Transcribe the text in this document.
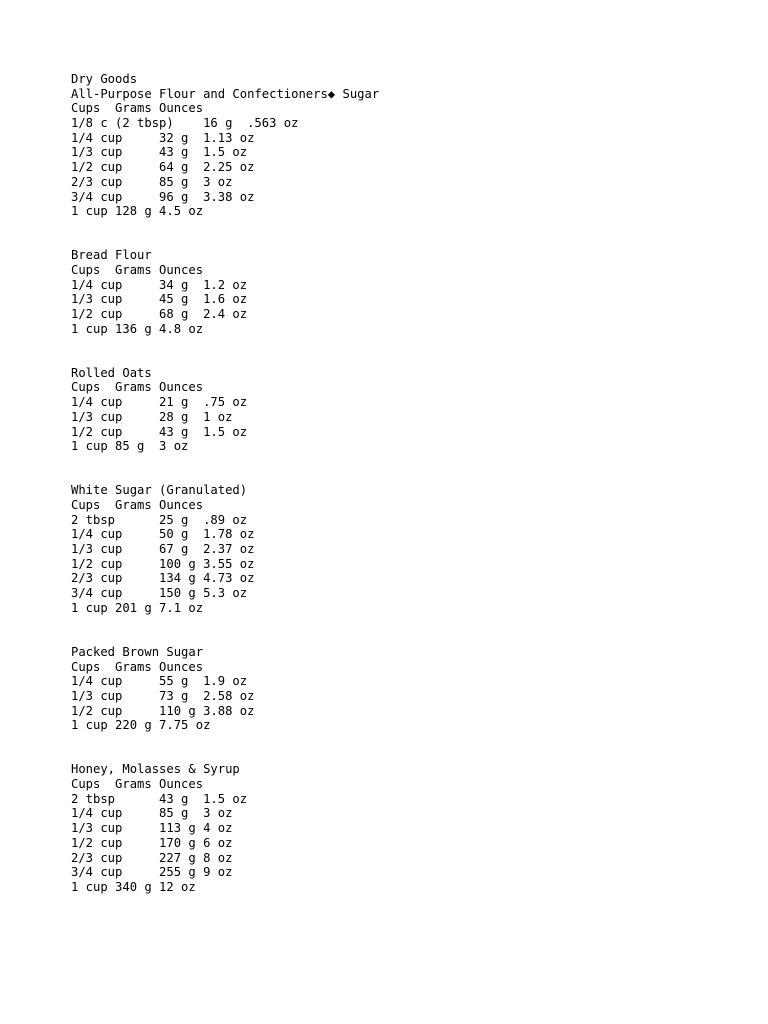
Dry Goods
All-Purpose Flour and Confectioners◆ Sugar
Cups  Grams Ounces
1/8 c (2 tbsp)    16 g  .563 oz
1/4 cup     32 g  1.13 oz
1/3 cup     43 g  1.5 oz
1/2 cup     64 g  2.25 oz
2/3 cup     85 g  3 oz
3/4 cup     96 g  3.38 oz
1 cup 128 g 4.5 oz
Bread Flour
Cups  Grams Ounces
1/4 cup     34 g  1.2 oz
1/3 cup     45 g  1.6 oz
1/2 cup     68 g  2.4 oz
1 cup 136 g 4.8 oz
Rolled Oats
Cups  Grams Ounces
1/4 cup     21 g  .75 oz
1/3 cup     28 g  1 oz
1/2 cup     43 g  1.5 oz
1 cup 85 g  3 oz
White Sugar (Granulated)
Cups  Grams Ounces
2 tbsp      25 g  .89 oz
1/4 cup     50 g  1.78 oz
1/3 cup     67 g  2.37 oz
1/2 cup     100 g 3.55 oz
2/3 cup     134 g 4.73 oz
3/4 cup     150 g 5.3 oz
1 cup 201 g 7.1 oz
Packed Brown Sugar
Cups  Grams Ounces
1/4 cup     55 g  1.9 oz
1/3 cup     73 g  2.58 oz
1/2 cup     110 g 3.88 oz
1 cup 220 g 7.75 oz
Honey, Molasses & Syrup
Cups  Grams Ounces
2 tbsp      43 g  1.5 oz
1/4 cup     85 g  3 oz
1/3 cup     113 g 4 oz
1/2 cup     170 g 6 oz
2/3 cup     227 g 8 oz
3/4 cup     255 g 9 oz
1 cup 340 g 12 oz
